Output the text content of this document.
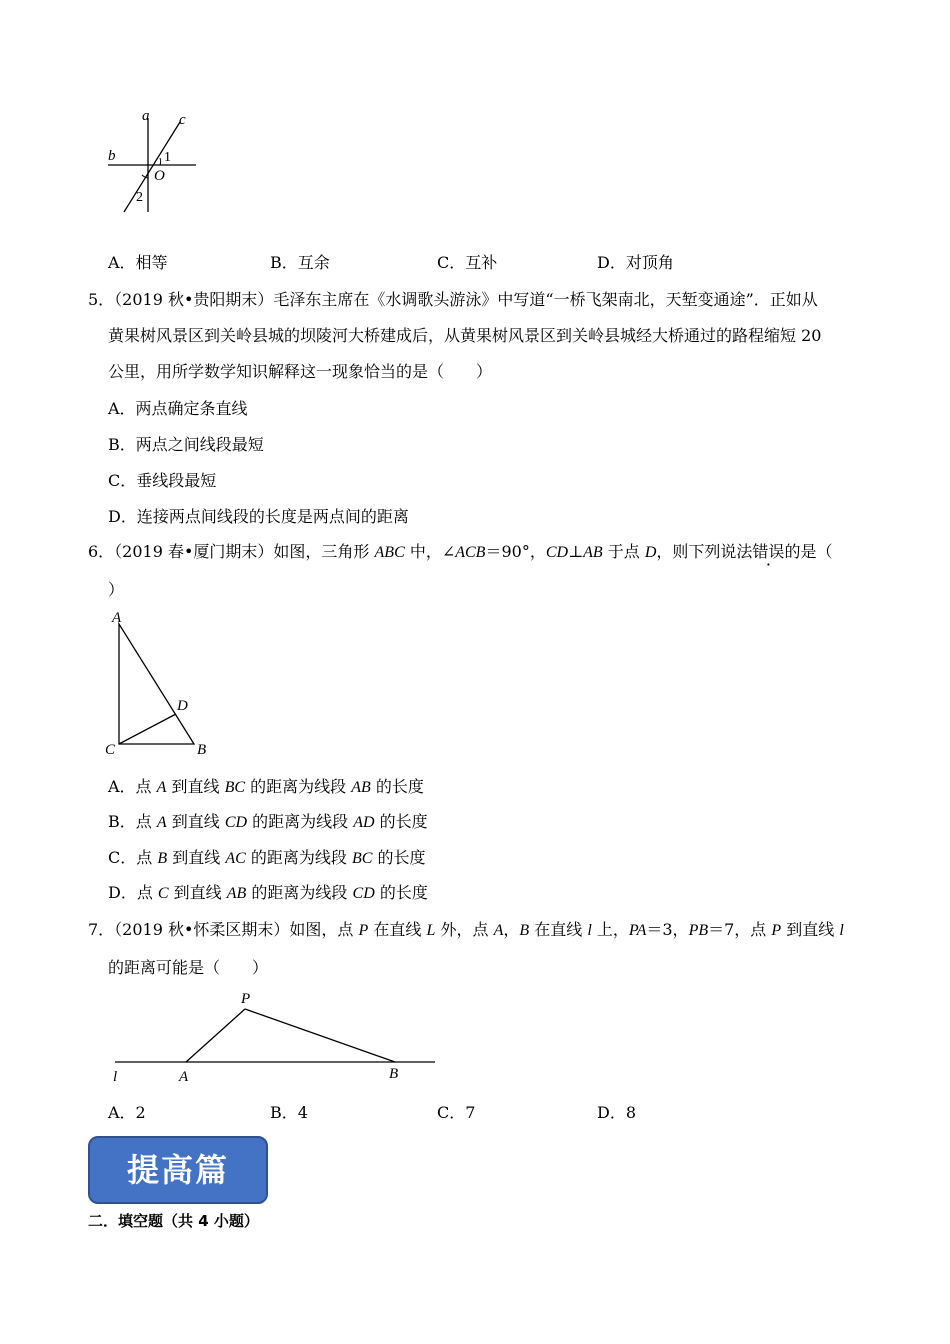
a c
b	1
O
2
A．相等	B．互余	C．互补	D．对顶角
5．（2019 秋•贵阳期末）毛泽东主席在《水调歌头游泳》中写道“一桥飞架南北，天堑变通途”．正如从
黄果树风景区到关岭县城的坝陵河大桥建成后，从黄果树风景区到关岭县城经大桥通过的路程缩短 20
公里，用所学数学知识解释这一现象恰当的是（　　）
A．两点确定条直线
B．两点之间线段最短
C．垂线段最短
D．连接两点间线段的长度是两点间的距离
6．（2019 春•厦门期末）如图，三角形 ABC 中，∠ACB＝90°，CD⊥AB 于点 D，则下列说法错误的是（
）
A
D
C	B
A．点 A 到直线 BC 的距离为线段 AB 的长度
B．点 A 到直线 CD 的距离为线段 AD 的长度
C．点 B 到直线 AC 的距离为线段 BC 的长度
D．点 C 到直线 AB 的距离为线段 CD 的长度
7．（2019 秋•怀柔区期末）如图，点 P 在直线 L 外，点 A，B 在直线 l 上，PA＝3，PB＝7，点 P 到直线 l
的距离可能是（　　）
P
l	A	B
A．2	B．4	C．7	D．8
提高篇
二．填空题（共 4 小题）
